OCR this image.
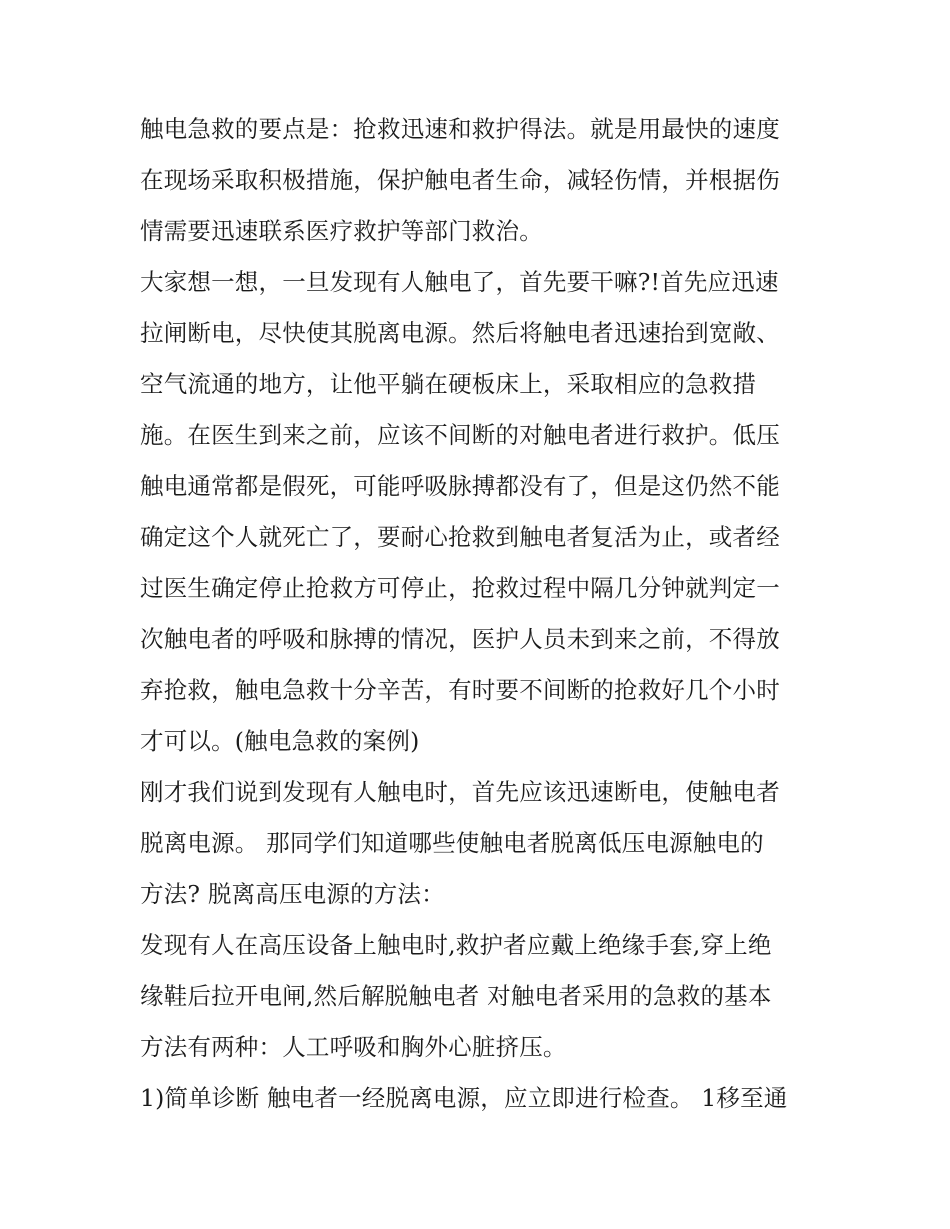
触电急救的要点是：抢救迅速和救护得法。就是用最快的速度
在现场采取积极措施，保护触电者生命，减轻伤情，并根据伤
情需要迅速联系医疗救护等部门救治。
大家想一想，一旦发现有人触电了，首先要干嘛?!首先应迅速
拉闸断电，尽快使其脱离电源。然后将触电者迅速抬到宽敞、
空气流通的地方，让他平躺在硬板床上，采取相应的急救措
施。在医生到来之前，应该不间断的对触电者进行救护。低压
触电通常都是假死，可能呼吸脉搏都没有了，但是这仍然不能
确定这个人就死亡了，要耐心抢救到触电者复活为止，或者经
过医生确定停止抢救方可停止，抢救过程中隔几分钟就判定一
次触电者的呼吸和脉搏的情况，医护人员未到来之前，不得放
弃抢救，触电急救十分辛苦，有时要不间断的抢救好几个小时
才可以。(触电急救的案例)
刚才我们说到发现有人触电时，首先应该迅速断电，使触电者
脱离电源。 那同学们知道哪些使触电者脱离低压电源触电的
方法? 脱离高压电源的方法：
发现有人在高压设备上触电时,救护者应戴上绝缘手套,穿上绝
缘鞋后拉开电闸,然后解脱触电者 对触电者采用的急救的基本
方法有两种：人工呼吸和胸外心脏挤压。
1)简单诊断 触电者一经脱离电源，应立即进行检查。 1移至通
